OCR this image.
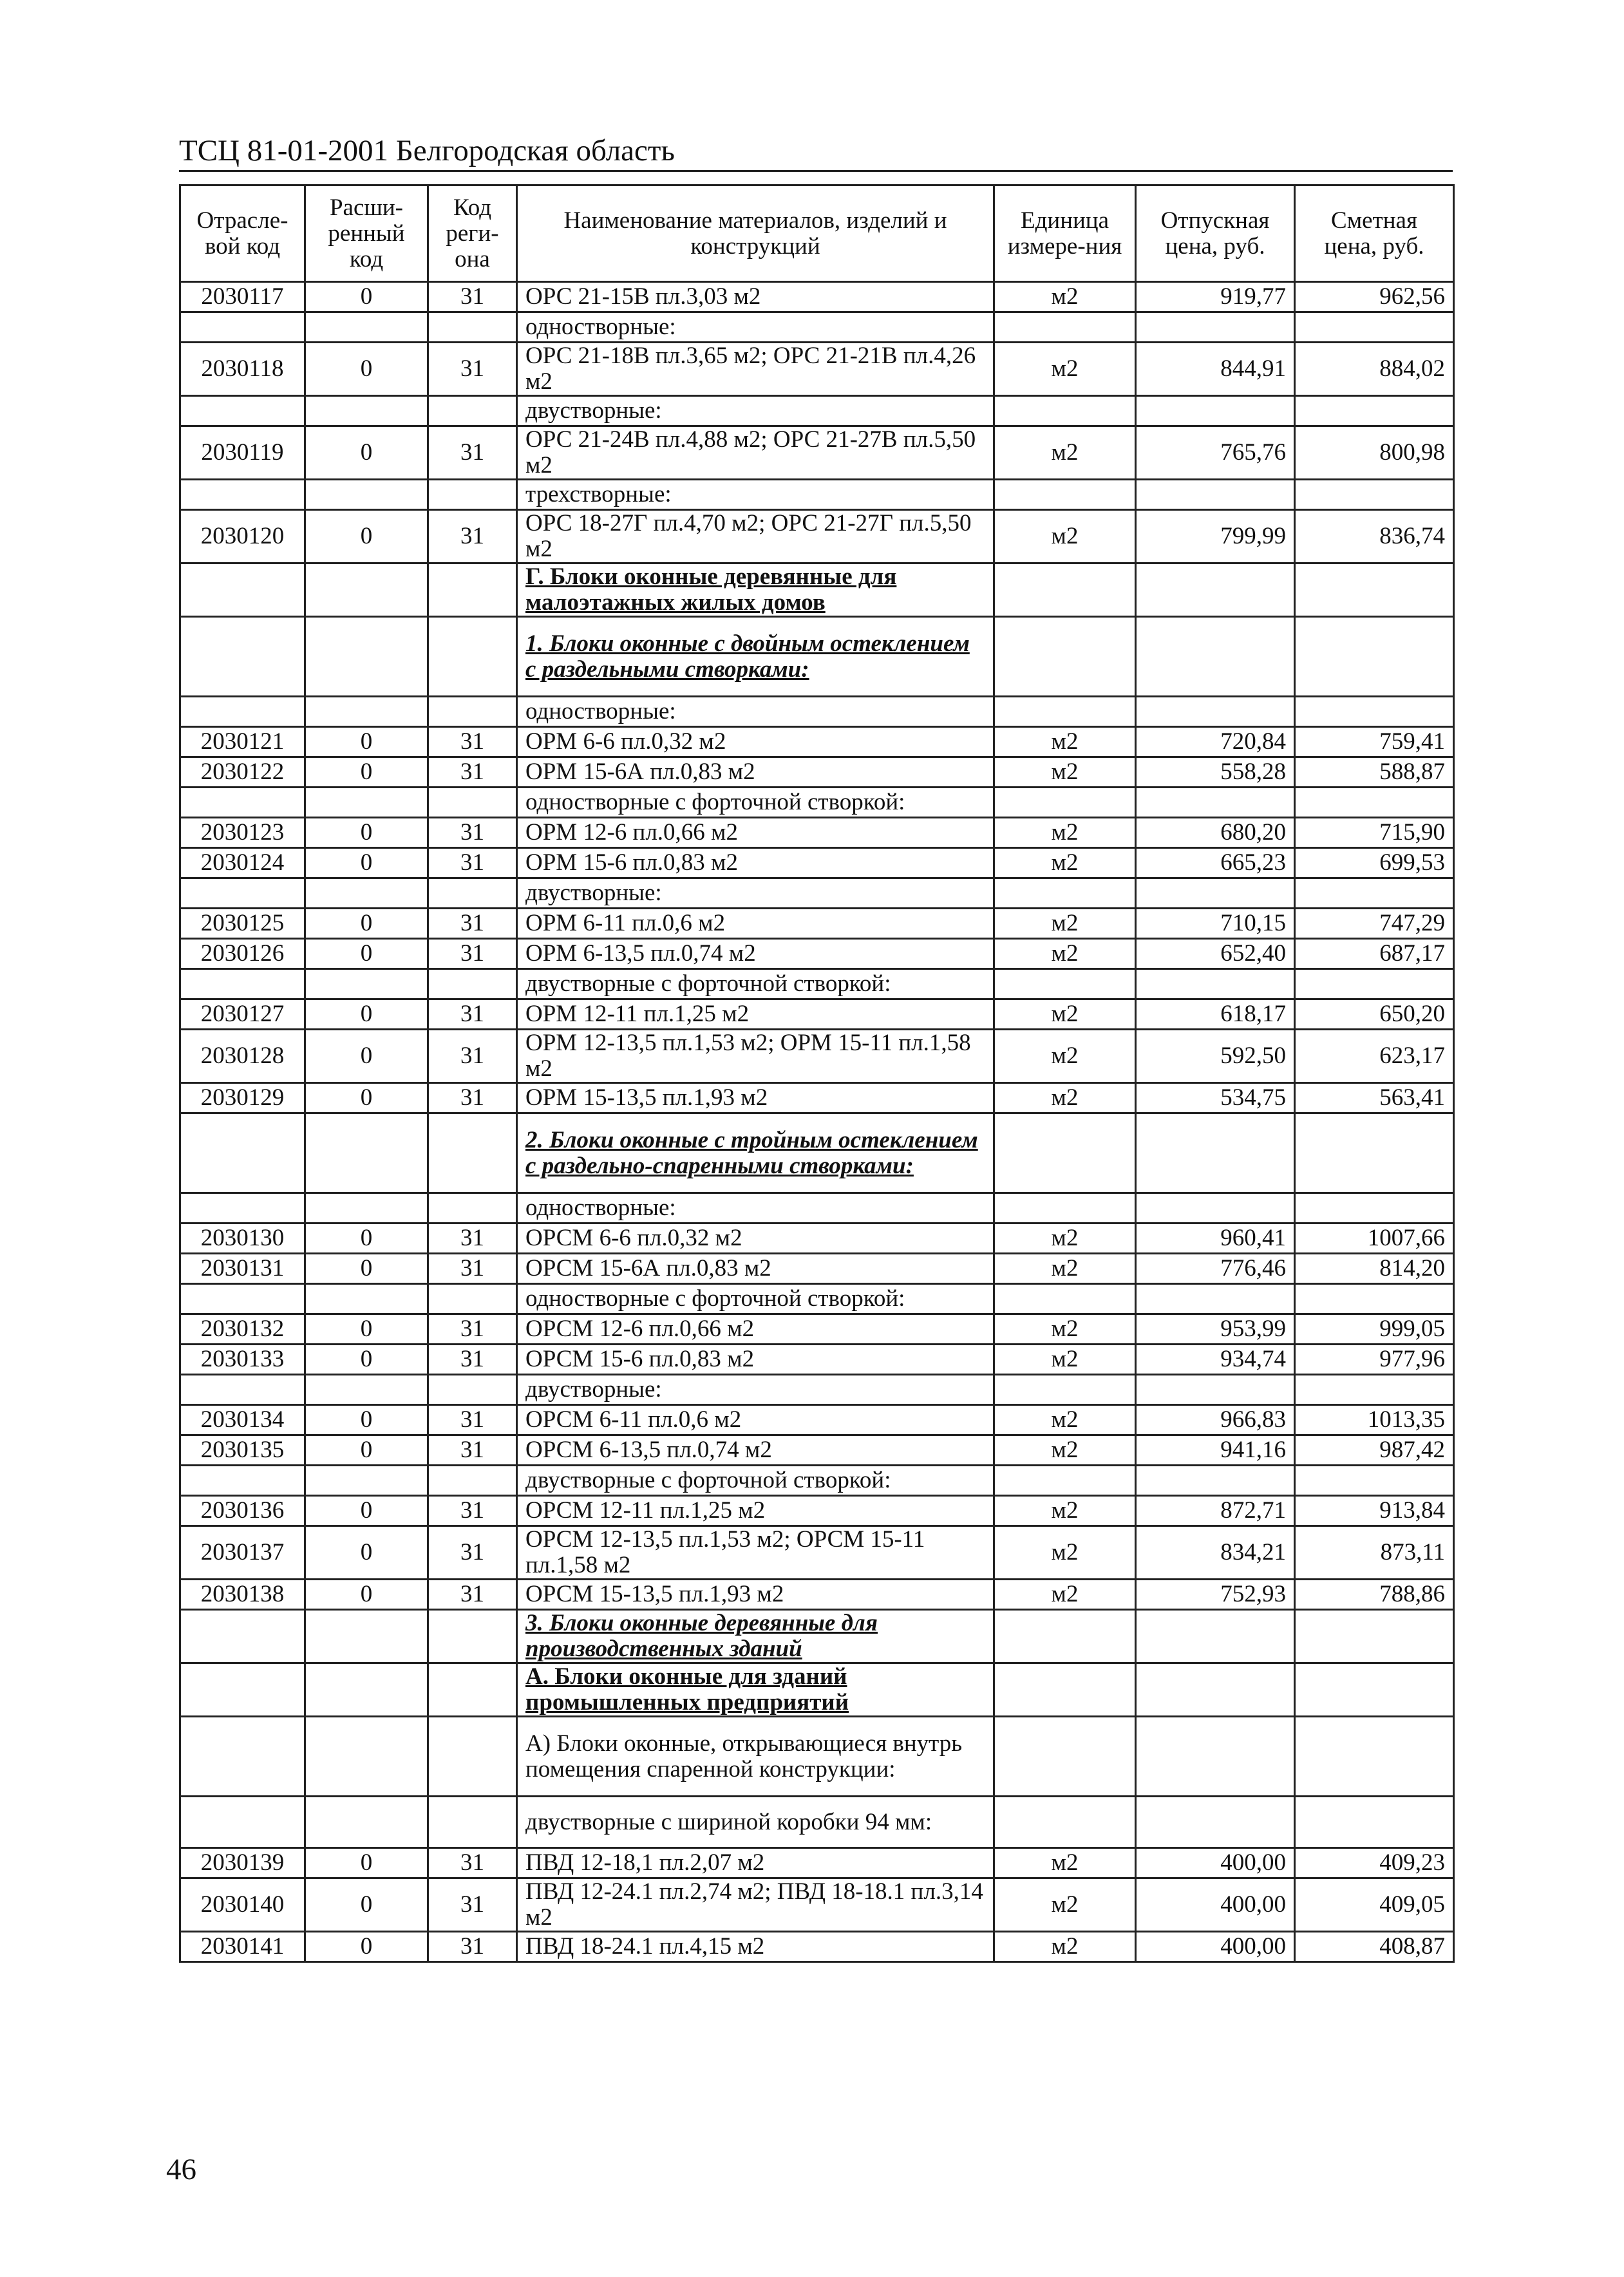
ТСЦ 81-01-2001 Белгородская область
Отрасле-вой код	Расши-ренный код	Код реги-она	Наименование материалов, изделий и конструкций	Единица измере-ния	Отпускная цена, руб.	Сметная цена, руб.
2030117	0	31	ОРС 21-15В пл.3,03 м2	м2	919,77	962,56
			одностворные:			
2030118	0	31	ОРС 21-18В пл.3,65 м2; ОРС 21-21В пл.4,26 м2	м2	844,91	884,02
			двустворные:			
2030119	0	31	ОРС 21-24В пл.4,88 м2; ОРС 21-27В пл.5,50 м2	м2	765,76	800,98
			трехстворные:			
2030120	0	31	ОРС 18-27Г пл.4,70 м2; ОРС 21-27Г пл.5,50 м2	м2	799,99	836,74
			Г. Блоки оконные деревянные для малоэтажных жилых домов			
			1. Блоки оконные с двойным остеклением с раздельными створками:			
			одностворные:			
2030121	0	31	ОРМ 6-6 пл.0,32 м2	м2	720,84	759,41
2030122	0	31	ОРМ 15-6А пл.0,83 м2	м2	558,28	588,87
			одностворные с форточной створкой:			
2030123	0	31	ОРМ 12-6 пл.0,66 м2	м2	680,20	715,90
2030124	0	31	ОРМ 15-6 пл.0,83 м2	м2	665,23	699,53
			двустворные:			
2030125	0	31	ОРМ 6-11 пл.0,6 м2	м2	710,15	747,29
2030126	0	31	ОРМ 6-13,5 пл.0,74 м2	м2	652,40	687,17
			двустворные с форточной створкой:			
2030127	0	31	ОРМ 12-11 пл.1,25 м2	м2	618,17	650,20
2030128	0	31	ОРМ 12-13,5 пл.1,53 м2; ОРМ 15-11 пл.1,58 м2	м2	592,50	623,17
2030129	0	31	ОРМ 15-13,5 пл.1,93 м2	м2	534,75	563,41
			2. Блоки оконные с тройным остеклением с раздельно-спаренными створками:			
			одностворные:			
2030130	0	31	ОРСМ 6-6 пл.0,32 м2	м2	960,41	1007,66
2030131	0	31	ОРСМ 15-6А пл.0,83 м2	м2	776,46	814,20
			одностворные с форточной створкой:			
2030132	0	31	ОРСМ 12-6 пл.0,66 м2	м2	953,99	999,05
2030133	0	31	ОРСМ 15-6 пл.0,83 м2	м2	934,74	977,96
			двустворные:			
2030134	0	31	ОРСМ 6-11 пл.0,6 м2	м2	966,83	1013,35
2030135	0	31	ОРСМ 6-13,5 пл.0,74 м2	м2	941,16	987,42
			двустворные с форточной створкой:			
2030136	0	31	ОРСМ 12-11 пл.1,25 м2	м2	872,71	913,84
2030137	0	31	ОРСМ 12-13,5 пл.1,53 м2; ОРСМ 15-11 пл.1,58 м2	м2	834,21	873,11
2030138	0	31	ОРСМ 15-13,5 пл.1,93 м2	м2	752,93	788,86
			3. Блоки оконные деревянные для производственных зданий			
			А. Блоки оконные для зданий промышленных предприятий			
			А) Блоки оконные, открывающиеся внутрь помещения спаренной конструкции:			
			двустворные с шириной коробки 94 мм:			
2030139	0	31	ПВД 12-18,1 пл.2,07 м2	м2	400,00	409,23
2030140	0	31	ПВД 12-24.1 пл.2,74 м2; ПВД 18-18.1 пл.3,14 м2	м2	400,00	409,05
2030141	0	31	ПВД 18-24.1 пл.4,15 м2	м2	400,00	408,87
46
